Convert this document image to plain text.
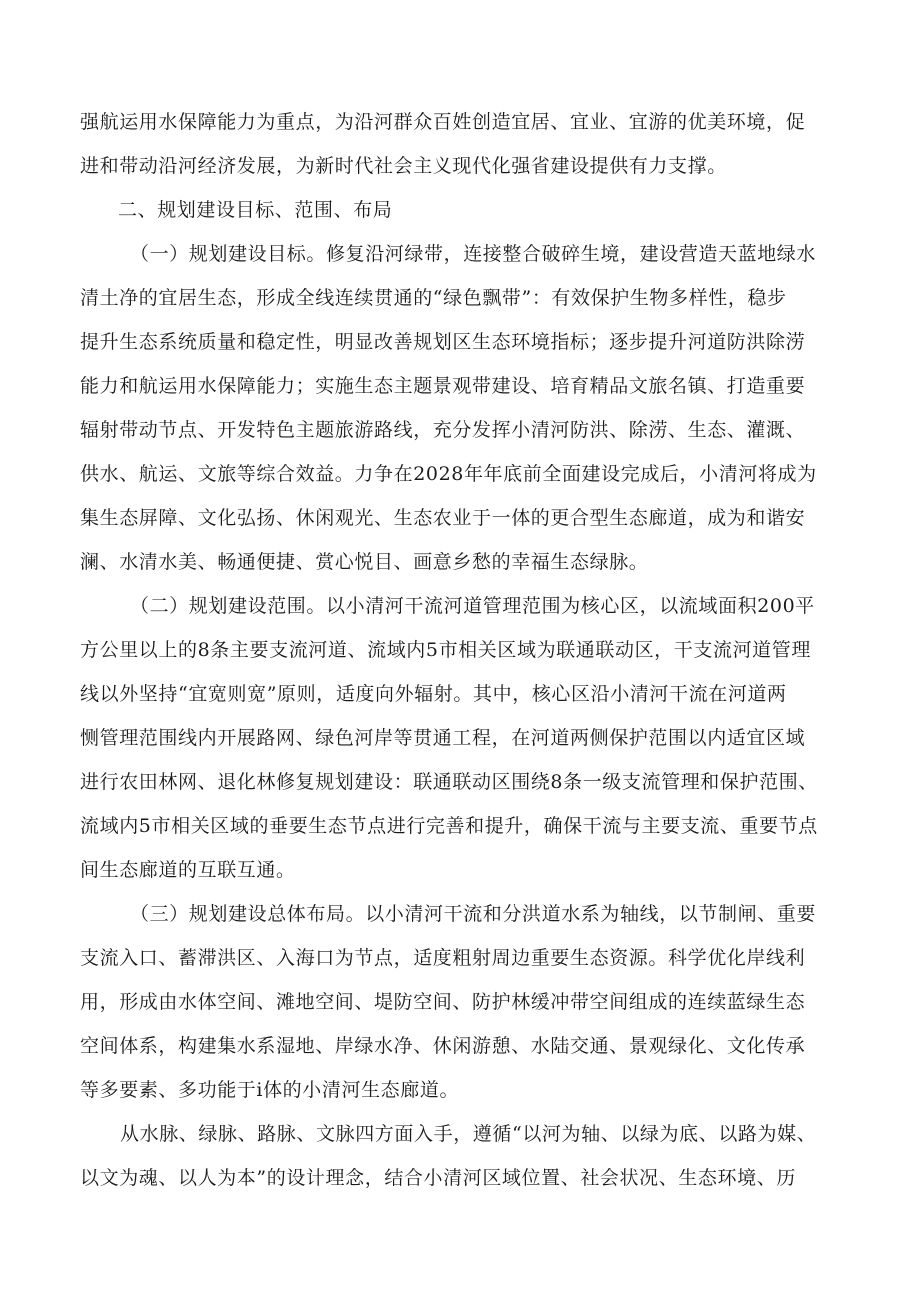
强航运用水保障能力为重点，为沿河群众百姓创造宜居、宜业、宜游的优美环境，促
进和带动沿河经济发展，为新时代社会主义现代化强省建设提供有力支撑。
二、规划建设目标、范围、布局
（一）规划建设目标。修复沿河绿带，连接整合破碎生境，建设营造天蓝地绿水
清土净的宜居生态，形成全线连续贯通的“绿色飘带”：有效保护生物多样性，稳步
提升生态系统质量和稳定性，明显改善规划区生态环境指标；逐步提升河道防洪除涝
能力和航运用水保障能力；实施生态主题景观带建设、培育精品文旅名镇、打造重要
辐射带动节点、开发特色主题旅游路线，充分发挥小清河防洪、除涝、生态、灌溉、
供水、航运、文旅等综合效益。力争在2028年年底前全面建设完成后，小清河将成为
集生态屏障、文化弘扬、休闲观光、生态农业于一体的更合型生态廊道，成为和谐安
澜、水清水美、畅通便捷、赏心悦目、画意乡愁的幸福生态绿脉。
（二）规划建设范围。以小清河干流河道管理范围为核心区，以流域面积200平
方公里以上的8条主要支流河道、流域内5市相关区域为联通联动区，干支流河道管理
线以外坚持“宜宽则宽”原则，适度向外辐射。其中，核心区沿小清河干流在河道两
恻管理范围线内开展路网、绿色河岸等贯通工程，在河道两侧保护范围以内适宜区域
进行农田林网、退化林修复规划建设：联通联动区围绕8条一级支流管理和保护范围、
流域内5市相关区域的垂要生态节点进行完善和提升，确保干流与主要支流、重要节点
间生态廊道的互联互通。
（三）规划建设总体布局。以小清河干流和分洪道水系为轴线，以节制闸、重要
支流入口、蓄滞洪区、入海口为节点，适度粗射周边重要生态资源。科学优化岸线利
用，形成由水体空间、滩地空间、堤防空间、防护林缓冲带空间组成的连续蓝绿生态
空间体系，构建集水系湿地、岸绿水净、休闲游憩、水陆交通、景观绿化、文化传承
等多要素、多功能于i体的小清河生态廊道。
从水脉、绿脉、路脉、文脉四方面入手，遵循“以河为轴、以绿为底、以路为媒、
以文为魂、以人为本”的设计理念，结合小清河区域位置、社会状况、生态环境、历
